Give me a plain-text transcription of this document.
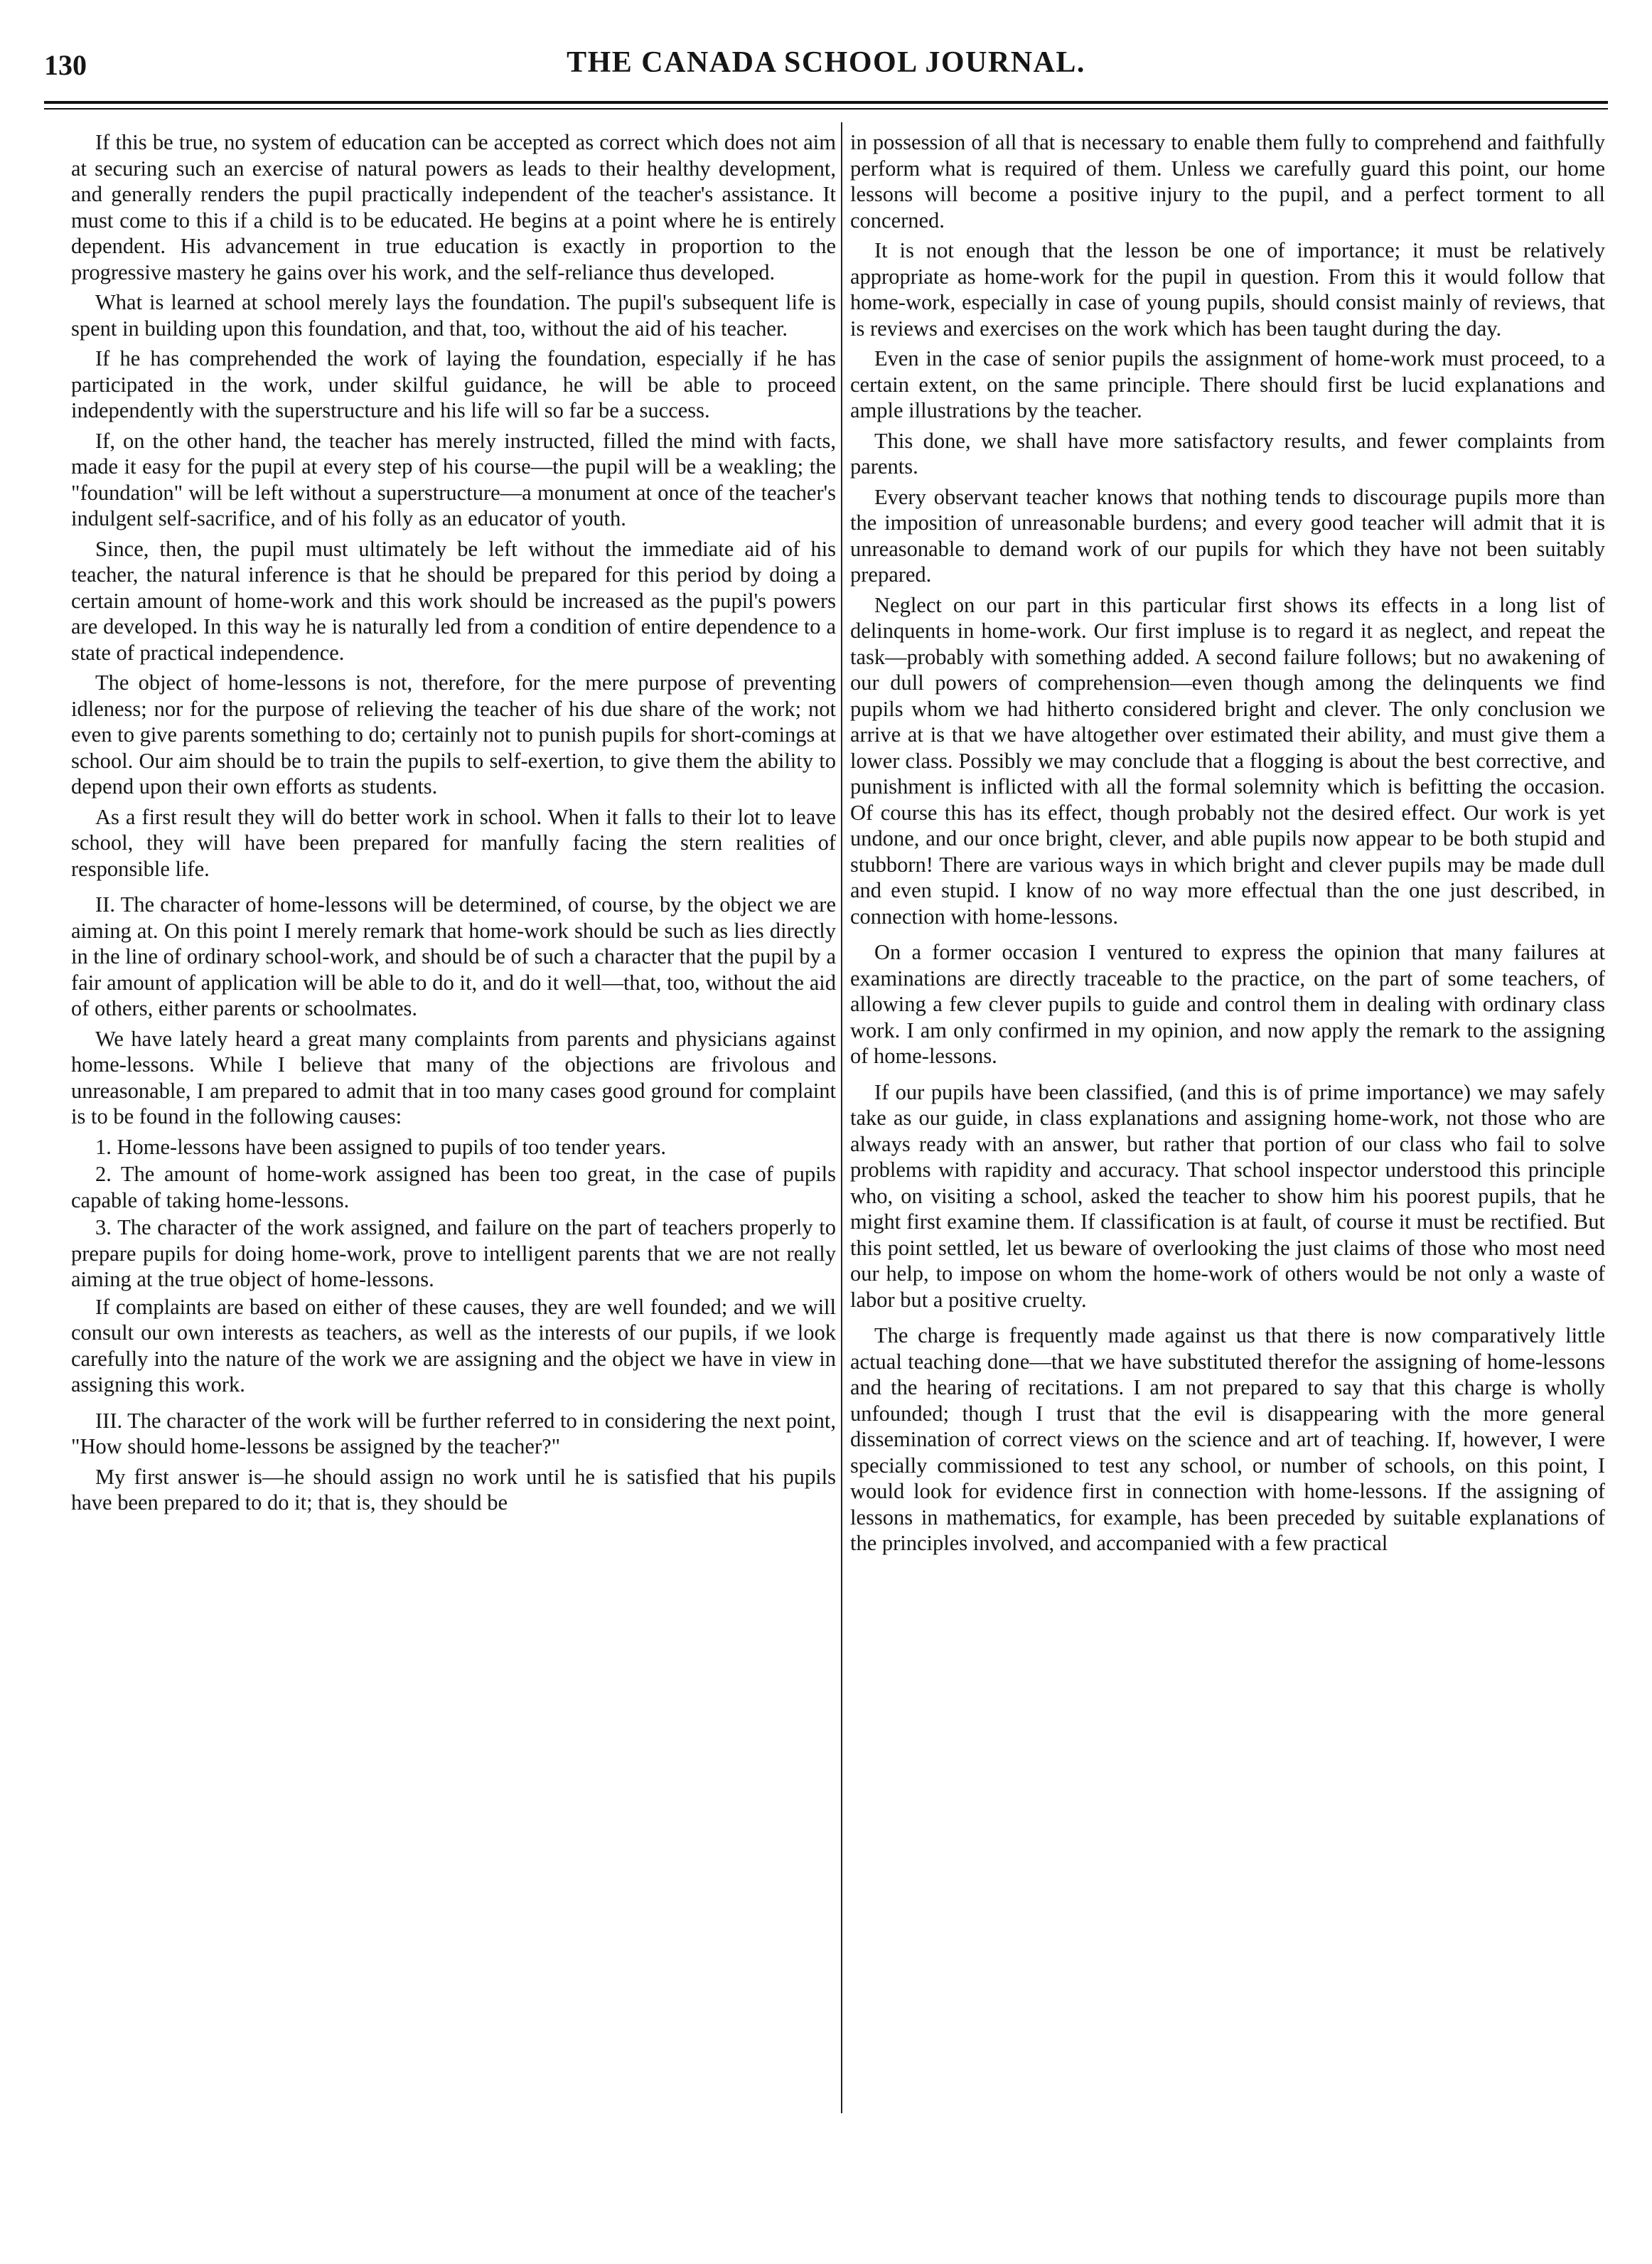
130	THE CANADA SCHOOL JOURNAL.

If this be true, no system of education can be accepted as correct which does not aim at securing such an exercise of natural powers as leads to their healthy development, and generally renders the pupil practically independent of the teacher's assistance. It must come to this if a child is to be educated. He begins at a point where he is entirely dependent. His advancement in true education is exactly in proportion to the progressive mastery he gains over his work, and the self-reliance thus developed.

What is learned at school merely lays the foundation. The pupil's subsequent life is spent in building upon this foundation, and that, too, without the aid of his teacher.

If he has comprehended the work of laying the foundation, especially if he has participated in the work, under skilful guidance, he will be able to proceed independently with the superstructure and his life will so far be a success.

If, on the other hand, the teacher has merely instructed, filled the mind with facts, made it easy for the pupil at every step of his course—the pupil will be a weakling; the "foundation" will be left without a superstructure—a monument at once of the teacher's indulgent self-sacrifice, and of his folly as an educator of youth.

Since, then, the pupil must ultimately be left without the immediate aid of his teacher, the natural inference is that he should be prepared for this period by doing a certain amount of home-work and this work should be increased as the pupil's powers are developed. In this way he is naturally led from a condition of entire dependence to a state of practical independence.

The object of home-lessons is not, therefore, for the mere purpose of preventing idleness; nor for the purpose of relieving the teacher of his due share of the work; not even to give parents something to do; certainly not to punish pupils for short-comings at school. Our aim should be to train the pupils to self-exertion, to give them the ability to depend upon their own efforts as students.

As a first result they will do better work in school. When it falls to their lot to leave school, they will have been prepared for manfully facing the stern realities of responsible life.

II. The character of home-lessons will be determined, of course, by the object we are aiming at. On this point I merely remark that home-work should be such as lies directly in the line of ordinary school-work, and should be of such a character that the pupil by a fair amount of application will be able to do it, and do it well—that, too, without the aid of others, either parents or schoolmates.

We have lately heard a great many complaints from parents and physicians against home-lessons. While I believe that many of the objections are frivolous and unreasonable, I am prepared to admit that in too many cases good ground for complaint is to be found in the following causes:

1. Home-lessons have been assigned to pupils of too tender years.

2. The amount of home-work assigned has been too great, in the case of pupils capable of taking home-lessons.

3. The character of the work assigned, and failure on the part of teachers properly to prepare pupils for doing home-work, prove to intelligent parents that we are not really aiming at the true object of home-lessons.

If complaints are based on either of these causes, they are well founded; and we will consult our own interests as teachers, as well as the interests of our pupils, if we look carefully into the nature of the work we are assigning and the object we have in view in assigning this work.

III. The character of the work will be further referred to in considering the next point, "How should home-lessons be assigned by the teacher?"

My first answer is—he should assign no work until he is satisfied that his pupils have been prepared to do it; that is, they should be

in possession of all that is necessary to enable them fully to comprehend and faithfully perform what is required of them. Unless we carefully guard this point, our home lessons will become a positive injury to the pupil, and a perfect torment to all concerned.

It is not enough that the lesson be one of importance; it must be relatively appropriate as home-work for the pupil in question. From this it would follow that home-work, especially in case of young pupils, should consist mainly of reviews, that is reviews and exercises on the work which has been taught during the day.

Even in the case of senior pupils the assignment of home-work must proceed, to a certain extent, on the same principle. There should first be lucid explanations and ample illustrations by the teacher.

This done, we shall have more satisfactory results, and fewer complaints from parents.

Every observant teacher knows that nothing tends to discourage pupils more than the imposition of unreasonable burdens; and every good teacher will admit that it is unreasonable to demand work of our pupils for which they have not been suitably prepared.

Neglect on our part in this particular first shows its effects in a long list of delinquents in home-work. Our first impluse is to regard it as neglect, and repeat the task—probably with something added. A second failure follows; but no awakening of our dull powers of comprehension—even though among the delinquents we find pupils whom we had hitherto considered bright and clever. The only conclusion we arrive at is that we have altogether over estimated their ability, and must give them a lower class. Possibly we may conclude that a flogging is about the best corrective, and punishment is inflicted with all the formal solemnity which is befitting the occasion. Of course this has its effect, though probably not the desired effect. Our work is yet undone, and our once bright, clever, and able pupils now appear to be both stupid and stubborn! There are various ways in which bright and clever pupils may be made dull and even stupid. I know of no way more effectual than the one just described, in connection with home-lessons.

On a former occasion I ventured to express the opinion that many failures at examinations are directly traceable to the practice, on the part of some teachers, of allowing a few clever pupils to guide and control them in dealing with ordinary class work. I am only confirmed in my opinion, and now apply the remark to the assigning of home-lessons.

If our pupils have been classified, (and this is of prime importance) we may safely take as our guide, in class explanations and assigning home-work, not those who are always ready with an answer, but rather that portion of our class who fail to solve problems with rapidity and accuracy. That school inspector understood this principle who, on visiting a school, asked the teacher to show him his poorest pupils, that he might first examine them. If classification is at fault, of course it must be rectified. But this point settled, let us beware of overlooking the just claims of those who most need our help, to impose on whom the home-work of others would be not only a waste of labor but a positive cruelty.

The charge is frequently made against us that there is now comparatively little actual teaching done—that we have substituted therefor the assigning of home-lessons and the hearing of recitations. I am not prepared to say that this charge is wholly unfounded; though I trust that the evil is disappearing with the more general dissemination of correct views on the science and art of teaching. If, however, I were specially commissioned to test any school, or number of schools, on this point, I would look for evidence first in connection with home-lessons. If the assigning of lessons in mathematics, for example, has been preceded by suitable explanations of the principles involved, and accompanied with a few practical
